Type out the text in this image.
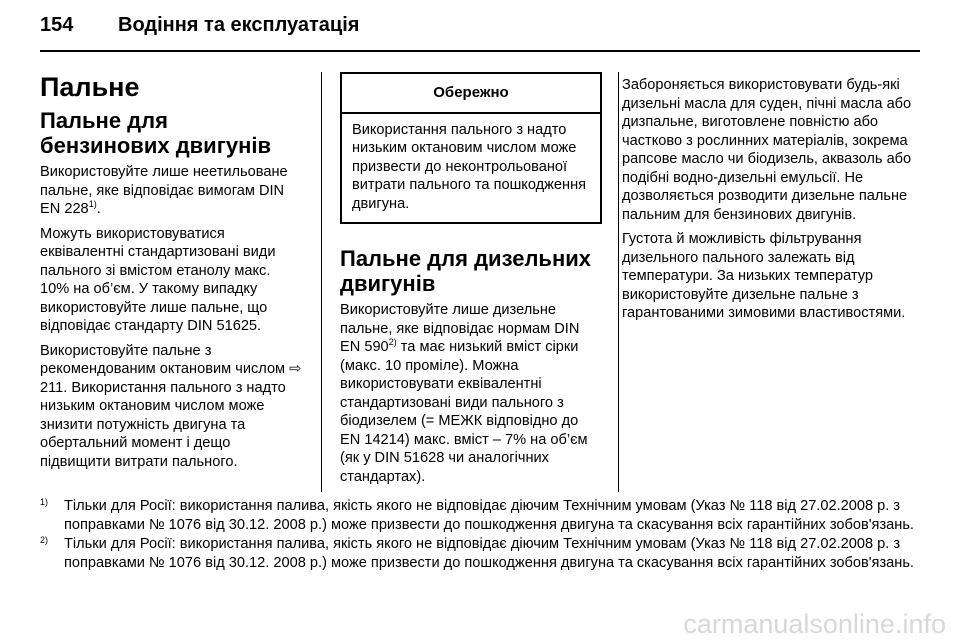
154 Водіння та експлуатація
Пальне
Пальне для бензинових двигунів

Використовуйте лише неетильоване пальне, яке відповідає вимогам DIN EN 228$^{1)}$.

Можуть використовуватися еквівалентні стандартизовані види пального зі вмістом етанолу макс. 10% на об’єм. У такому випадку використовуйте лише пальне, що відповідає стандарту DIN 51625.

Використовуйте пальне з рекомендованим октановим числом ⇨ 211. Використання пального з надто низьким октановим числом може знизити потужність двигуна та обертальний момент і дещо підвищити витрати пального.

Обережно
Використання пального з надто низьким октановим числом може призвести до неконтрольованої витрати пального та пошкодження двигуна.
Пальне для дизельних двигунів

Використовуйте лише дизельне пальне, яке відповідає нормам DIN EN 590$^{2)}$ та має низький вміст сірки (макс. 10 проміле). Можна використовувати еквівалентні стандартизовані види пального з біодизелем (= МЕЖК відповідно до EN 14214) макс. вміст – 7% на об’єм (як у DIN 51628 чи аналогічних стандартах).

Забороняється використовувати будь-які дизельні масла для суден, пічні масла або дизпальне, виготовлене повністю або частково з рослинних матеріалів, зокрема рапсове масло чи біодизель, аквазоль або подібні водно-дизельні емульсії. Не дозволяється розводити дизельне пальне пальним для бензинових двигунів.

Густота й можливість фільтрування дизельного пального залежать від температури. За низьких температур використовуйте дизельне пальне з гарантованими зимовими властивостями.

1) Тільки для Росії: використання палива, якість якого не відповідає діючим Технічним умовам (Указ № 118 від 27.02.2008 р. з поправками № 1076 від 30.12. 2008 р.) може призвести до пошкодження двигуна та скасування всіх гарантійних зобов'язань.
2) Тільки для Росії: використання палива, якість якого не відповідає діючим Технічним умовам (Указ № 118 від 27.02.2008 р. з поправками № 1076 від 30.12. 2008 р.) може призвести до пошкодження двигуна та скасування всіх гарантійних зобов'язань.
carmanualsonline.info
